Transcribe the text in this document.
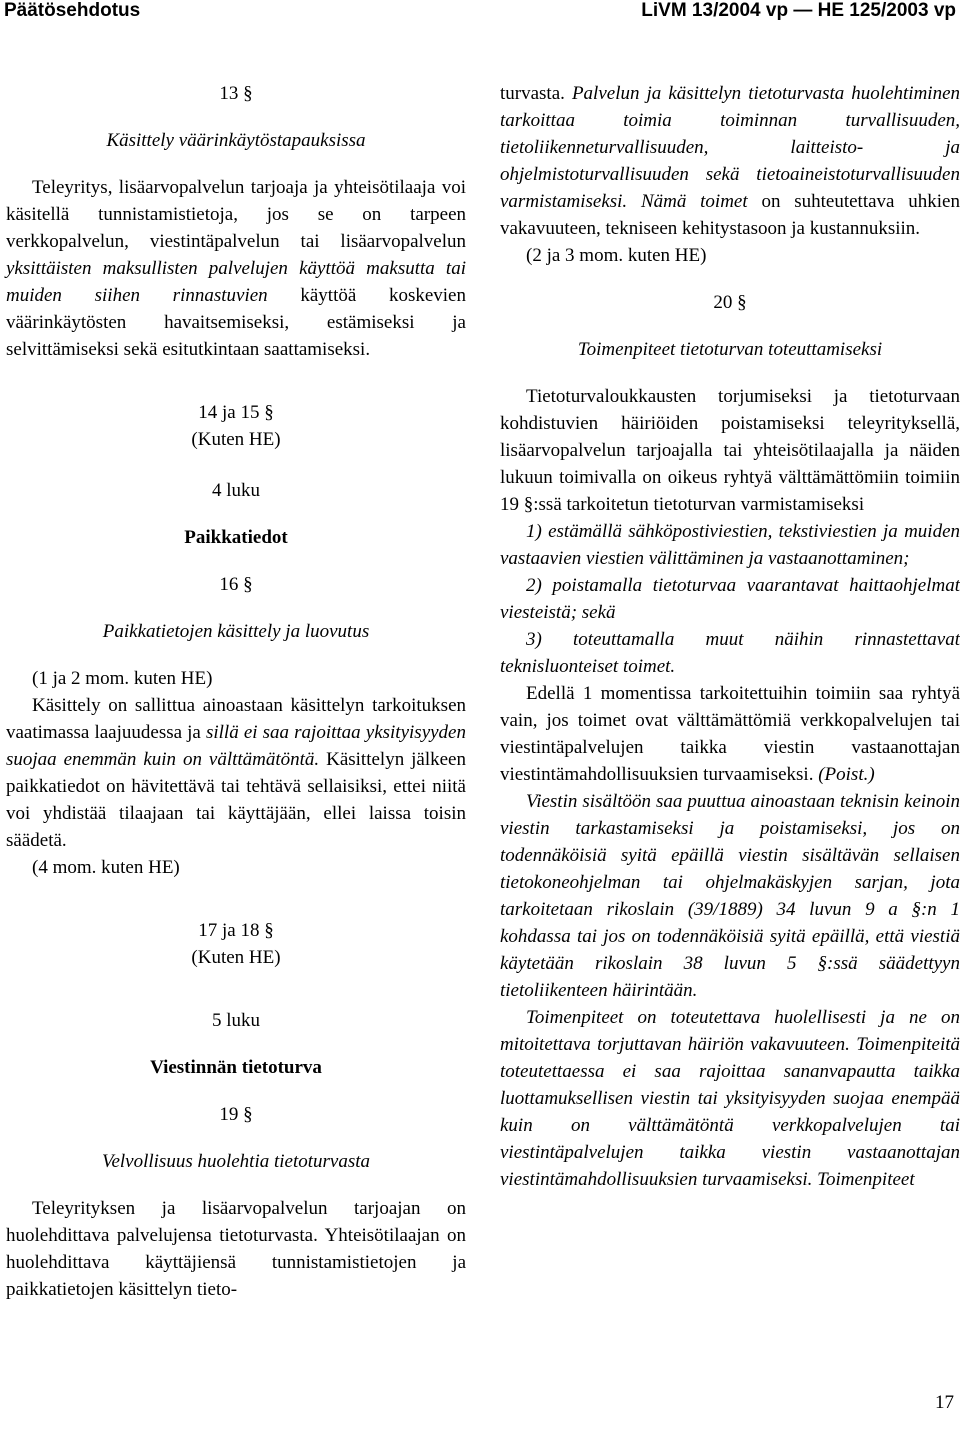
Päätösehdotus	LiVM 13/2004 vp — HE 125/2003 vp

13 §

Käsittely väärinkäytöstapauksissa

Teleyritys, lisäarvopalvelun tarjoaja ja yhteisötilaaja voi käsitellä tunnistamistietoja, jos se on tarpeen verkkopalvelun, viestintäpalvelun tai lisäarvopalvelun yksittäisten maksullisten palvelujen käyttöä maksutta tai muiden siihen rinnastuvien käyttöä koskevien väärinkäytösten havaitsemiseksi, estämiseksi ja selvittämiseksi sekä esitutkintaan saattamiseksi.

14 ja 15 §

(Kuten HE)

4 luku

Paikkatiedot

16 §

Paikkatietojen käsittely ja luovutus

(1 ja 2 mom. kuten HE)

Käsittely on sallittua ainoastaan käsittelyn tarkoituksen vaatimassa laajuudessa ja sillä ei saa rajoittaa yksityisyyden suojaa enemmän kuin on välttämätöntä. Käsittelyn jälkeen paikkatiedot on hävitettävä tai tehtävä sellaisiksi, ettei niitä voi yhdistää tilaajaan tai käyttäjään, ellei laissa toisin säädetä.

(4 mom. kuten HE)

17 ja 18 §

(Kuten HE)

5 luku

Viestinnän tietoturva

19 §

Velvollisuus huolehtia tietoturvasta

Teleyrityksen ja lisäarvopalvelun tarjoajan on huolehdittava palvelujensa tietoturvasta. Yhteisötilaajan on huolehdittava käyttäjiensä tunnistamistietojen ja paikkatietojen käsittelyn tieto-

turvasta. Palvelun ja käsittelyn tietoturvasta huolehtiminen tarkoittaa toimia toiminnan turvallisuuden, tietoliikenneturvallisuuden, laitteisto- ja ohjelmistoturvallisuuden sekä tietoaineistoturvallisuuden varmistamiseksi. Nämä toimet on suhteutettava uhkien vakavuuteen, tekniseen kehitystasoon ja kustannuksiin.

(2 ja 3 mom. kuten HE)

20 §

Toimenpiteet tietoturvan toteuttamiseksi

Tietoturvaloukkausten torjumiseksi ja tietoturvaan kohdistuvien häiriöiden poistamiseksi teleyrityksellä, lisäarvopalvelun tarjoajalla tai yhteisötilaajalla ja näiden lukuun toimivalla on oikeus ryhtyä välttämättömiin toimiin 19 §:ssä tarkoitetun tietoturvan varmistamiseksi

1) estämällä sähköpostiviestien, tekstiviestien ja muiden vastaavien viestien välittäminen ja vastaanottaminen;

2) poistamalla tietoturvaa vaarantavat haittaohjelmat viesteistä; sekä

3) toteuttamalla muut näihin rinnastettavat teknisluonteiset toimet.

Edellä 1 momentissa tarkoitettuihin toimiin saa ryhtyä vain, jos toimet ovat välttämättömiä verkkopalvelujen tai viestintäpalvelujen taikka viestin vastaanottajan viestintämahdollisuuksien turvaamiseksi. (Poist.)

Viestin sisältöön saa puuttua ainoastaan teknisin keinoin viestin tarkastamiseksi ja poistamiseksi, jos on todennäköisiä syitä epäillä viestin sisältävän sellaisen tietokoneohjelman tai ohjelmakäskyjen sarjan, jota tarkoitetaan rikoslain (39/1889) 34 luvun 9 a §:n 1 kohdassa tai jos on todennäköisiä syitä epäillä, että viestiä käytetään rikoslain 38 luvun 5 §:ssä säädettyyn tietoliikenteen häirintään.

Toimenpiteet on toteutettava huolellisesti ja ne on mitoitettava torjuttavan häiriön vakavuuteen. Toimenpiteitä toteutettaessa ei saa rajoittaa sananvapautta taikka luottamuksellisen viestin tai yksityisyyden suojaa enempää kuin on välttämätöntä verkkopalvelujen tai viestintäpalvelujen taikka viestin vastaanottajan viestintämahdollisuuksien turvaamiseksi. Toimenpiteet

17
